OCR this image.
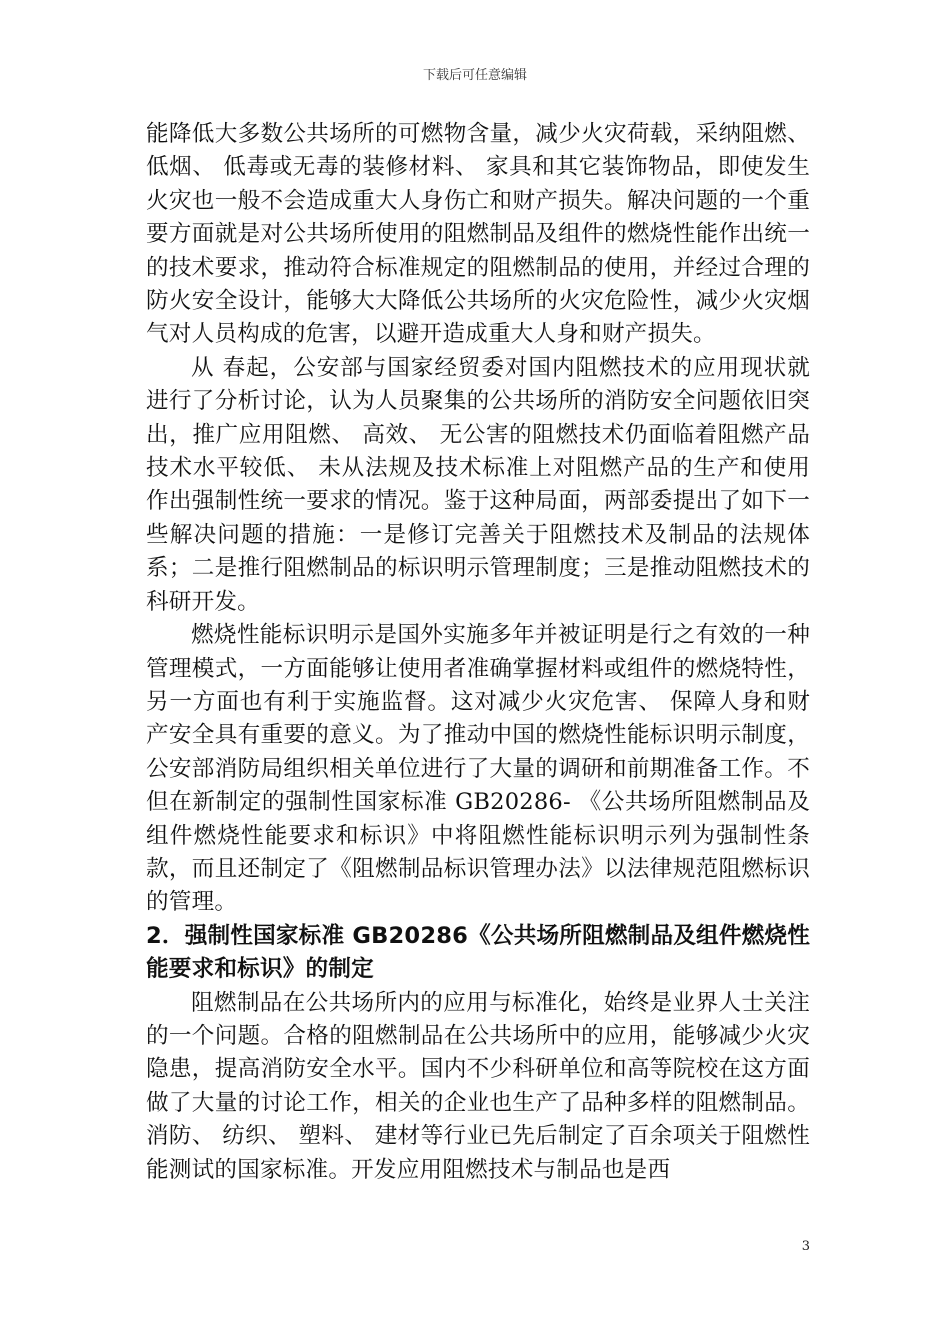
下载后可任意编辑

能降低大多数公共场所的可燃物含量，减少火灾荷载，采纳阻燃、 低烟、 低毒或无毒的装修材料、 家具和其它装饰物品，即使发生火灾也一般不会造成重大人身伤亡和财产损失。解决问题的一个重要方面就是对公共场所使用的阻燃制品及组件的燃烧性能作出统一的技术要求，推动符合标准规定的阻燃制品的使用，并经过合理的防火安全设计，能够大大降低公共场所的火灾危险性，减少火灾烟气对人员构成的危害，以避开造成重大人身和财产损失。

从 春起，公安部与国家经贸委对国内阻燃技术的应用现状就进行了分析讨论，认为人员聚集的公共场所的消防安全问题依旧突出，推广应用阻燃、 高效、 无公害的阻燃技术仍面临着阻燃产品技术水平较低、 未从法规及技术标准上对阻燃产品的生产和使用作出强制性统一要求的情况。鉴于这种局面，两部委提出了如下一些解决问题的措施：一是修订完善关于阻燃技术及制品的法规体系；二是推行阻燃制品的标识明示管理制度；三是推动阻燃技术的科研开发。

燃烧性能标识明示是国外实施多年并被证明是行之有效的一种管理模式，一方面能够让使用者准确掌握材料或组件的燃烧特性，另一方面也有利于实施监督。这对减少火灾危害、 保障人身和财产安全具有重要的意义。为了推动中国的燃烧性能标识明示制度，公安部消防局组织相关单位进行了大量的调研和前期准备工作。不但在新制定的强制性国家标准 GB20286- 《公共场所阻燃制品及组件燃烧性能要求和标识》中将阻燃性能标识明示列为强制性条款，而且还制定了《阻燃制品标识管理办法》以法律规范阻燃标识的管理。

2．强制性国家标准 GB20286《公共场所阻燃制品及组件燃烧性能要求和标识》的制定

阻燃制品在公共场所内的应用与标准化，始终是业界人士关注的一个问题。合格的阻燃制品在公共场所中的应用，能够减少火灾隐患，提高消防安全水平。国内不少科研单位和高等院校在这方面做了大量的讨论工作，相关的企业也生产了品种多样的阻燃制品。消防、 纺织、 塑料、 建材等行业已先后制定了百余项关于阻燃性能测试的国家标准。开发应用阻燃技术与制品也是西

3
